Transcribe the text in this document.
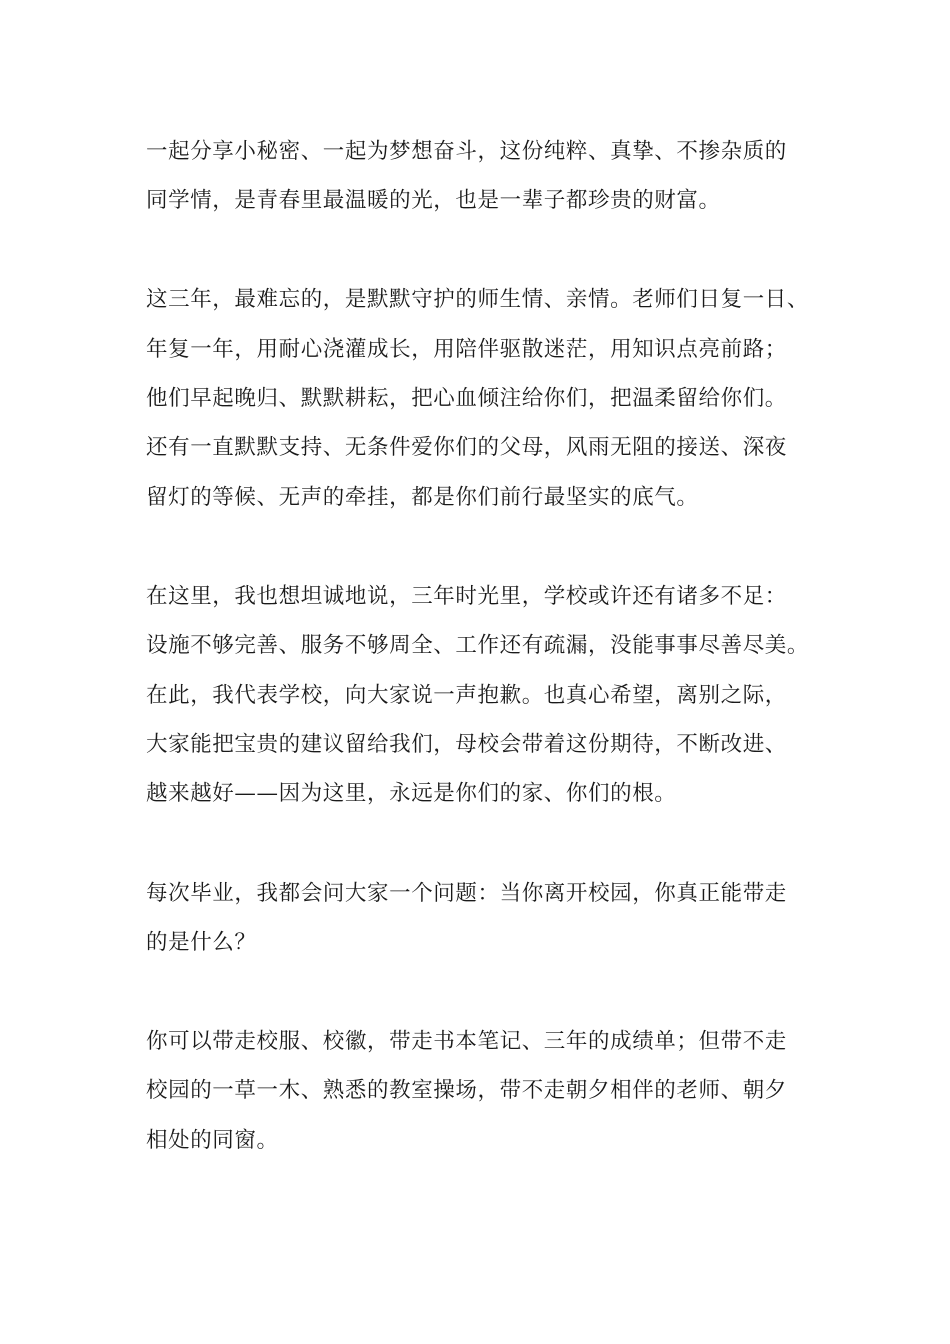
一起分享小秘密、一起为梦想奋斗，这份纯粹、真挚、不掺杂质的
同学情，是青春里最温暖的光，也是一辈子都珍贵的财富。
这三年，最难忘的，是默默守护的师生情、亲情。老师们日复一日、
年复一年，用耐心浇灌成长，用陪伴驱散迷茫，用知识点亮前路；
他们早起晚归、默默耕耘，把心血倾注给你们，把温柔留给你们。
还有一直默默支持、无条件爱你们的父母，风雨无阻的接送、深夜
留灯的等候、无声的牵挂，都是你们前行最坚实的底气。
在这里，我也想坦诚地说，三年时光里，学校或许还有诸多不足：
设施不够完善、服务不够周全、工作还有疏漏，没能事事尽善尽美。
在此，我代表学校，向大家说一声抱歉。也真心希望，离别之际，
大家能把宝贵的建议留给我们，母校会带着这份期待，不断改进、
越来越好——因为这里，永远是你们的家、你们的根。
每次毕业，我都会问大家一个问题：当你离开校园，你真正能带走
的是什么？
你可以带走校服、校徽，带走书本笔记、三年的成绩单；但带不走
校园的一草一木、熟悉的教室操场，带不走朝夕相伴的老师、朝夕
相处的同窗。
